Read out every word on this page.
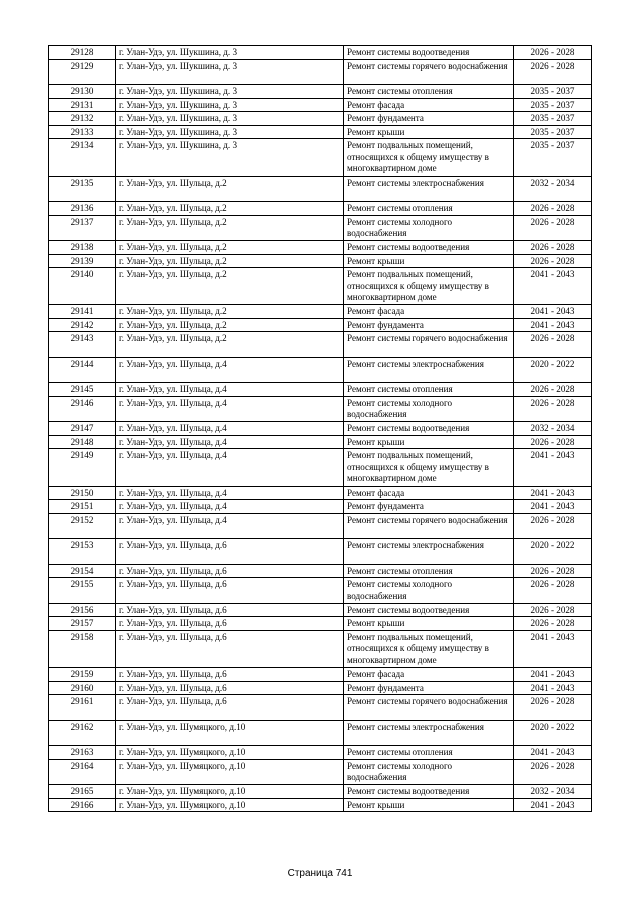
29128	г. Улан-Удэ, ул. Шукшина, д. 3	Ремонт системы водоотведения	2026 - 2028
29129	г. Улан-Удэ, ул. Шукшина, д. 3	Ремонт системы горячего водоснабжения	2026 - 2028
29130	г. Улан-Удэ, ул. Шукшина, д. 3	Ремонт системы отопления	2035 - 2037
29131	г. Улан-Удэ, ул. Шукшина, д. 3	Ремонт фасада	2035 - 2037
29132	г. Улан-Удэ, ул. Шукшина, д. 3	Ремонт фундамента	2035 - 2037
29133	г. Улан-Удэ, ул. Шукшина, д. 3	Ремонт крыши	2035 - 2037
29134	г. Улан-Удэ, ул. Шукшина, д. 3	Ремонт подвальных помещений, относящихся к общему имуществу в многоквартирном доме	2035 - 2037
29135	г. Улан-Удэ, ул. Шульца, д.2	Ремонт системы электроснабжения	2032 - 2034
29136	г. Улан-Удэ, ул. Шульца, д.2	Ремонт системы отопления	2026 - 2028
29137	г. Улан-Удэ, ул. Шульца, д.2	Ремонт системы холодного водоснабжения	2026 - 2028
29138	г. Улан-Удэ, ул. Шульца, д.2	Ремонт системы водоотведения	2026 - 2028
29139	г. Улан-Удэ, ул. Шульца, д.2	Ремонт крыши	2026 - 2028
29140	г. Улан-Удэ, ул. Шульца, д.2	Ремонт подвальных помещений, относящихся к общему имуществу в многоквартирном доме	2041 - 2043
29141	г. Улан-Удэ, ул. Шульца, д.2	Ремонт фасада	2041 - 2043
29142	г. Улан-Удэ, ул. Шульца, д.2	Ремонт фундамента	2041 - 2043
29143	г. Улан-Удэ, ул. Шульца, д.2	Ремонт системы горячего водоснабжения	2026 - 2028
29144	г. Улан-Удэ, ул. Шульца, д.4	Ремонт системы электроснабжения	2020 - 2022
29145	г. Улан-Удэ, ул. Шульца, д.4	Ремонт системы отопления	2026 - 2028
29146	г. Улан-Удэ, ул. Шульца, д.4	Ремонт системы холодного водоснабжения	2026 - 2028
29147	г. Улан-Удэ, ул. Шульца, д.4	Ремонт системы водоотведения	2032 - 2034
29148	г. Улан-Удэ, ул. Шульца, д.4	Ремонт крыши	2026 - 2028
29149	г. Улан-Удэ, ул. Шульца, д.4	Ремонт подвальных помещений, относящихся к общему имуществу в многоквартирном доме	2041 - 2043
29150	г. Улан-Удэ, ул. Шульца, д.4	Ремонт фасада	2041 - 2043
29151	г. Улан-Удэ, ул. Шульца, д.4	Ремонт фундамента	2041 - 2043
29152	г. Улан-Удэ, ул. Шульца, д.4	Ремонт системы горячего водоснабжения	2026 - 2028
29153	г. Улан-Удэ, ул. Шульца, д.6	Ремонт системы электроснабжения	2020 - 2022
29154	г. Улан-Удэ, ул. Шульца, д.6	Ремонт системы отопления	2026 - 2028
29155	г. Улан-Удэ, ул. Шульца, д.6	Ремонт системы холодного водоснабжения	2026 - 2028
29156	г. Улан-Удэ, ул. Шульца, д.6	Ремонт системы водоотведения	2026 - 2028
29157	г. Улан-Удэ, ул. Шульца, д.6	Ремонт крыши	2026 - 2028
29158	г. Улан-Удэ, ул. Шульца, д.6	Ремонт подвальных помещений, относящихся к общему имуществу в многоквартирном доме	2041 - 2043
29159	г. Улан-Удэ, ул. Шульца, д.6	Ремонт фасада	2041 - 2043
29160	г. Улан-Удэ, ул. Шульца, д.6	Ремонт фундамента	2041 - 2043
29161	г. Улан-Удэ, ул. Шульца, д.6	Ремонт системы горячего водоснабжения	2026 - 2028
29162	г. Улан-Удэ, ул. Шумяцкого, д.10	Ремонт системы электроснабжения	2020 - 2022
29163	г. Улан-Удэ, ул. Шумяцкого, д.10	Ремонт системы отопления	2041 - 2043
29164	г. Улан-Удэ, ул. Шумяцкого, д.10	Ремонт системы холодного водоснабжения	2026 - 2028
29165	г. Улан-Удэ, ул. Шумяцкого, д.10	Ремонт системы водоотведения	2032 - 2034
29166	г. Улан-Удэ, ул. Шумяцкого, д.10	Ремонт крыши	2041 - 2043
Страница 741
